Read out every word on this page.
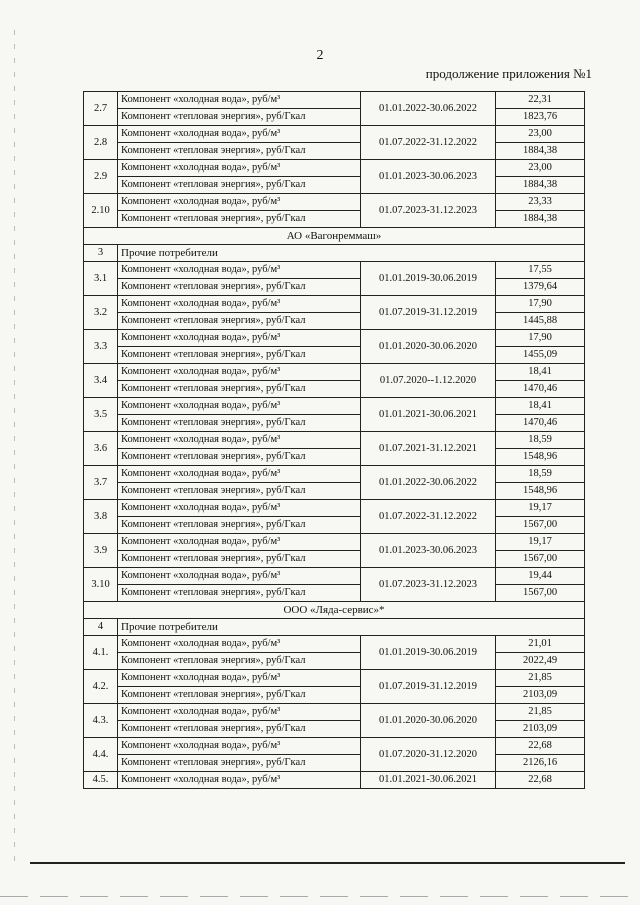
2
продолжение приложения №1
2.7	Компонент «холодная вода», руб/м³	01.01.2022-30.06.2022	22,31
	Компонент «тепловая энергия», руб/Гкал		1823,76
2.8	Компонент «холодная вода», руб/м³	01.07.2022-31.12.2022	23,00
	Компонент «тепловая энергия», руб/Гкал		1884,38
2.9	Компонент «холодная вода», руб/м³	01.01.2023-30.06.2023	23,00
	Компонент «тепловая энергия», руб/Гкал		1884,38
2.10	Компонент «холодная вода», руб/м³	01.07.2023-31.12.2023	23,33
	Компонент «тепловая энергия», руб/Гкал		1884,38
АО «Вагонреммаш»			
3	Прочие потребители		
3.1	Компонент «холодная вода», руб/м³	01.01.2019-30.06.2019	17,55
	Компонент «тепловая энергия», руб/Гкал		1379,64
3.2	Компонент «холодная вода», руб/м³	01.07.2019-31.12.2019	17,90
	Компонент «тепловая энергия», руб/Гкал		1445,88
3.3	Компонент «холодная вода», руб/м³	01.01.2020-30.06.2020	17,90
	Компонент «тепловая энергия», руб/Гкал		1455,09
3.4	Компонент «холодная вода», руб/м³	01.07.2020--1.12.2020	18,41
	Компонент «тепловая энергия», руб/Гкал		1470,46
3.5	Компонент «холодная вода», руб/м³	01.01.2021-30.06.2021	18,41
	Компонент «тепловая энергия», руб/Гкал		1470,46
3.6	Компонент «холодная вода», руб/м³	01.07.2021-31.12.2021	18,59
	Компонент «тепловая энергия», руб/Гкал		1548,96
3.7	Компонент «холодная вода», руб/м³	01.01.2022-30.06.2022	18,59
	Компонент «тепловая энергия», руб/Гкал		1548,96
3.8	Компонент «холодная вода», руб/м³	01.07.2022-31.12.2022	19,17
	Компонент «тепловая энергия», руб/Гкал		1567,00
3.9	Компонент «холодная вода», руб/м³	01.01.2023-30.06.2023	19,17
	Компонент «тепловая энергия», руб/Гкал		1567,00
3.10	Компонент «холодная вода», руб/м³	01.07.2023-31.12.2023	19,44
	Компонент «тепловая энергия», руб/Гкал		1567,00
ООО «Лядa-сервис»*			
4	Прочие потребители		
4.1.	Компонент «холодная вода», руб/м³	01.01.2019-30.06.2019	21,01
	Компонент «тепловая энергия», руб/Гкал		2022,49
4.2.	Компонент «холодная вода», руб/м³	01.07.2019-31.12.2019	21,85
	Компонент «тепловая энергия», руб/Гкал		2103,09
4.3.	Компонент «холодная вода», руб/м³	01.01.2020-30.06.2020	21,85
	Компонент «тепловая энергия», руб/Гкал		2103,09
4.4.	Компонент «холодная вода», руб/м³	01.07.2020-31.12.2020	22,68
	Компонент «тепловая энергия», руб/Гкал		2126,16
4.5.	Компонент «холодная вода», руб/м³	01.01.2021-30.06.2021	22,68
